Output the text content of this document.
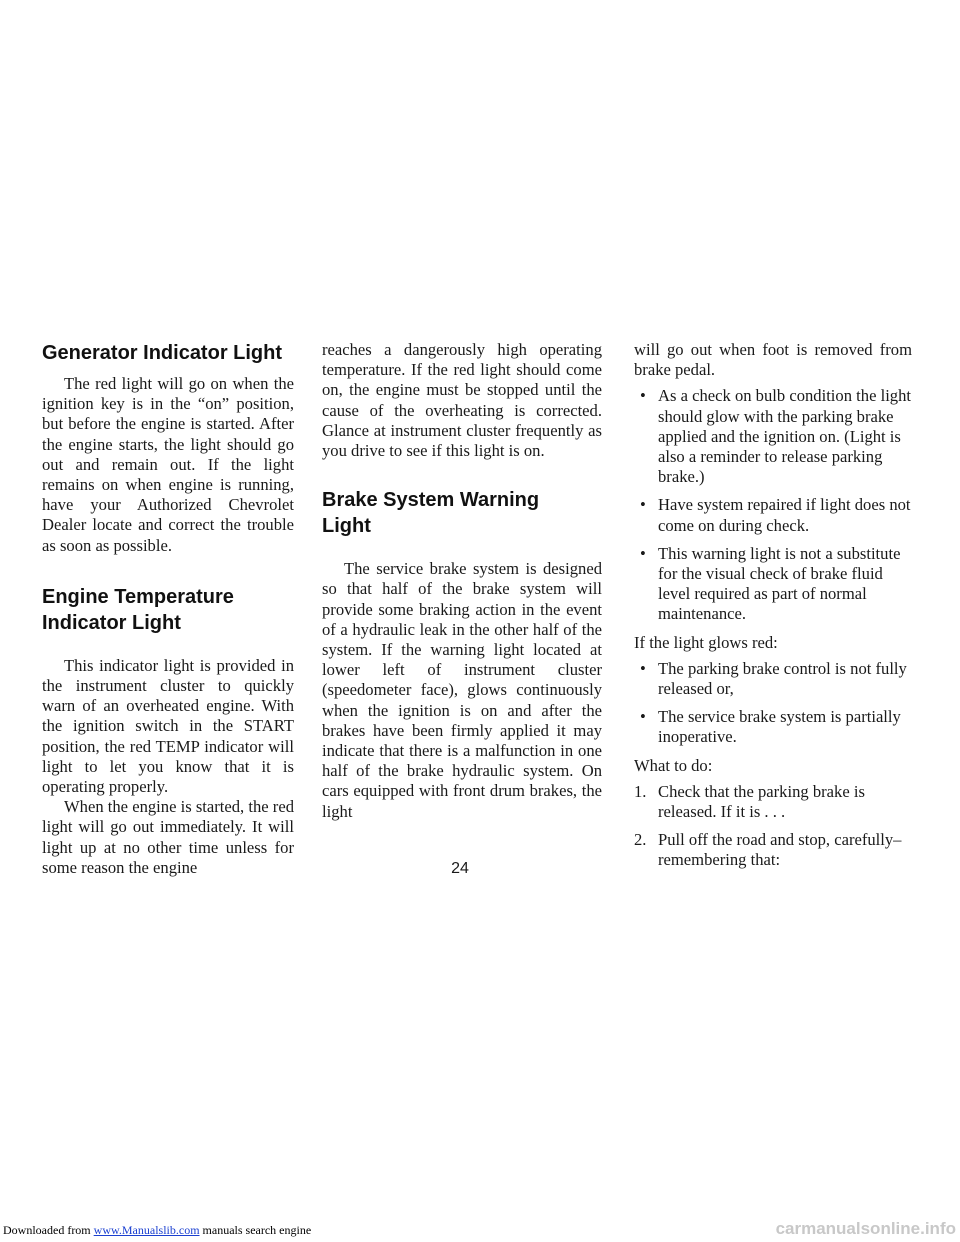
Generator Indicator Light

The red light will go on when the ignition key is in the “on” position, but before the engine is started. After the engine starts, the light should go out and remain out. If the light remains on when engine is running, have your Authorized Chevrolet Dealer locate and correct the trouble as soon as possible.

Engine Temperature
Indicator Light

This indicator light is provided in the instrument cluster to quickly warn of an overheated engine. With the ignition switch in the START position, the red TEMP indicator will light to let you know that it is operating properly.

When the engine is started, the red light will go out immediately. It will light up at no other time unless for some reason the engine

reaches a dangerously high operating temperature. If the red light should come on, the engine must be stopped until the cause of the overheating is corrected. Glance at instrument cluster frequently as you drive to see if this light is on.

Brake System Warning
Light

The service brake system is designed so that half of the brake system will provide some braking action in the event of a hydraulic leak in the other half of the system. If the warning light located at lower left of instrument cluster (speedometer face), glows continuously when the ignition is on and after the brakes have been firmly applied it may indicate that there is a malfunction in one half of the brake hydraulic system. On cars equipped with front drum brakes, the light

will go out when foot is removed from brake pedal.

• As a check on bulb condition the light should glow with the parking brake applied and the ignition on. (Light is also a reminder to release parking brake.)
• Have system repaired if light does not come on during check.
• This warning light is not a substitute for the visual check of brake fluid level required as part of normal maintenance.

If the light glows red:

• The parking brake control is not fully released or,
• The service brake system is partially inoperative.

What to do:

1. Check that the parking brake is released. If it is . . .
2. Pull off the road and stop, carefully–remembering that:
24
Downloaded from www.Manualslib.com manuals search engine	carmanualsonline.info
